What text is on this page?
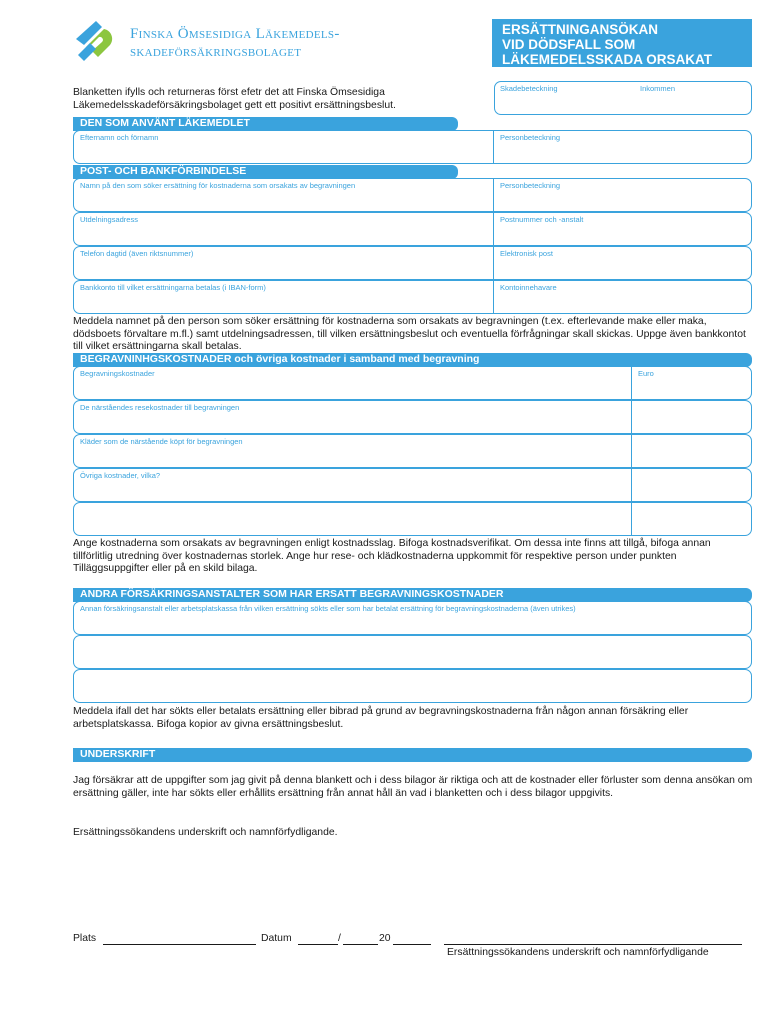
Finska Ömsesidiga Läkemedels-
skadeförsäkringsbolaget
ERSÄTTNINGANSÖKAN
VID DÖDSFALL SOM
LÄKEMEDELSSKADA ORSAKAT
Blanketten ifylls och returneras först efetr det att Finska Ömsesidiga Läkemedelsskadeförsäkringsbolaget gett ett positivt ersättningsbeslut.
Skadebeteckning	Inkommen
DEN SOM ANVÄNT LÄKEMEDLET
Efternamn och förnamn	Personbeteckning
POST- OCH BANKFÖRBINDELSE
Namn på den som söker ersättning för kostnaderna som orsakats av begravningen	Personbeteckning
Utdelningsadress	Postnummer och -anstalt
Telefon dagtid (även riktsnummer)	Elektronisk post
Bankkonto till vilket ersättningarna betalas (i IBAN-form)	Kontoinnehavare
Meddela namnet på den person som söker ersättning för kostnaderna som orsakats av begravningen (t.ex. efterlevande make eller maka, dödsboets förvaltare m.fl.) samt utdelningsadressen, till vilken ersättningsbeslut och eventuella förfrågningar skall skickas. Uppge även bankkontot till vilket ersättningarna skall betalas.
BEGRAVNINHGSKOSTNADER och övriga kostnader i samband med begravning
Begravningskostnader	Euro
De närståendes resekostnader till begravningen
Kläder som de närstående köpt för begravningen
Övriga kostnader, vilka?
Ange kostnaderna som orsakats av begravningen enligt kostnadsslag. Bifoga kostnadsverifikat. Om dessa inte finns att tillgå, bifoga annan tillförlitlig utredning över kostnadernas storlek. Ange hur rese- och klädkostnaderna uppkommit för respektive person under punkten Tilläggsuppgifter eller på en skild bilaga.
ANDRA FÖRSÄKRINGSANSTALTER SOM HAR ERSATT BEGRAVNINGSKOSTNADER
Annan försäkringsanstalt eller arbetsplatskassa från vilken ersättning sökts eller som har betalat ersättning för begravningskostnaderna (även utrikes)
Meddela ifall det har sökts eller betalats ersättning eller bibrad på grund av begravningskostnaderna från någon annan försäkring eller arbetsplatskassa. Bifoga kopior av givna ersättningsbeslut.
UNDERSKRIFT
Jag försäkrar att de uppgifter som jag givit på denna blankett och i dess bilagor är riktiga och att de kostnader eller förluster som denna ansökan om ersättning gäller, inte har sökts eller erhållits ersättning från annat håll än vad i blanketten och i dess bilagor uppgivits.
Ersättningssökandens underskrift och namnförfydligande.
Plats	Datum	/	20
Ersättningssökandens underskrift och namnförfydligande
